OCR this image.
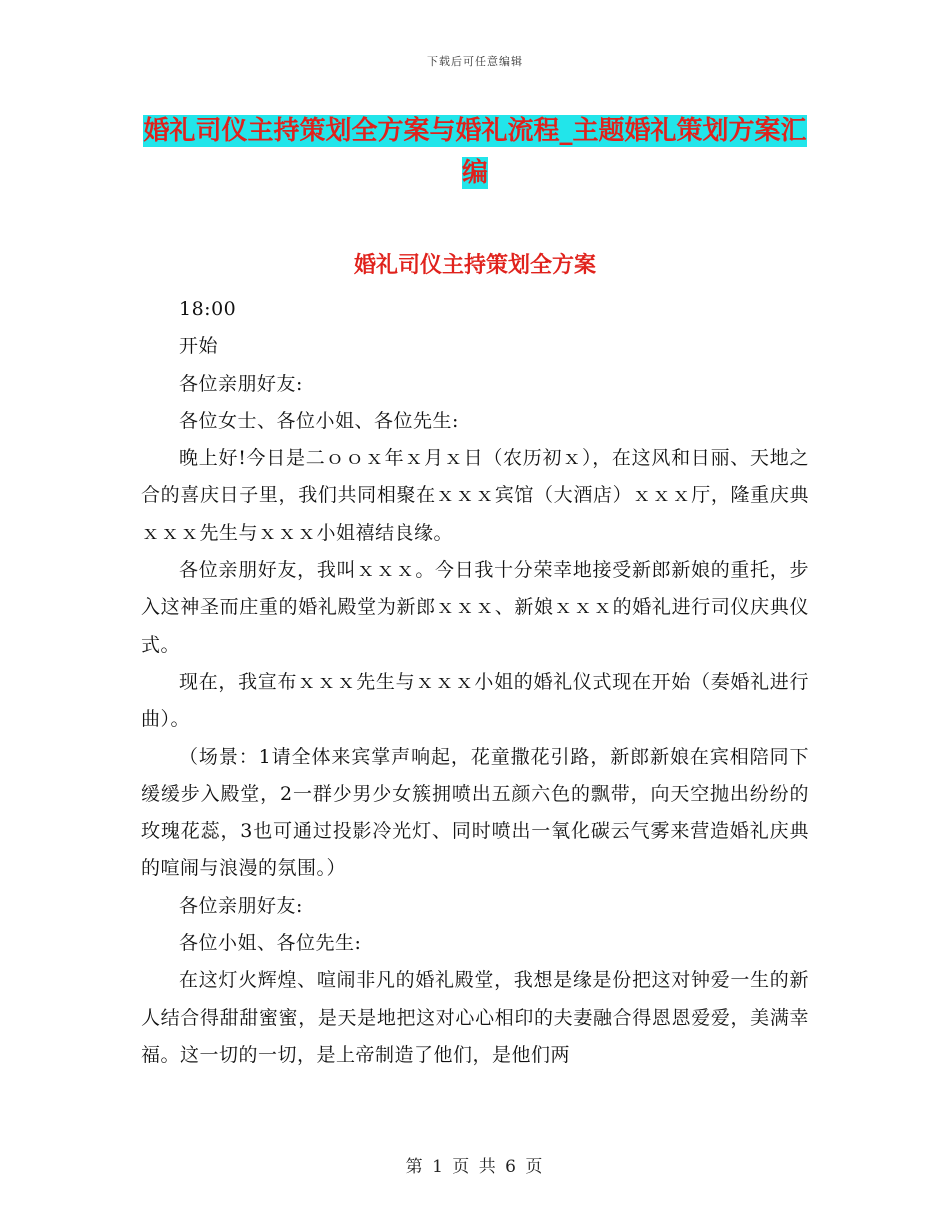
下载后可任意编辑
婚礼司仪主持策划全方案与婚礼流程_主题婚礼策划方案汇编
婚礼司仪主持策划全方案

18:00

开始

各位亲朋好友:

各位女士、各位小姐、各位先生:

晚上好!今日是二ｏｏｘ年ｘ月ｘ日（农历初ｘ），在这风和日丽、天地之合的喜庆日子里，我们共同相聚在ｘｘｘ宾馆（大酒店）ｘｘｘ厅，隆重庆典ｘｘｘ先生与ｘｘｘ小姐禧结良缘。

各位亲朋好友，我叫ｘｘｘ。今日我十分荣幸地接受新郎新娘的重托，步入这神圣而庄重的婚礼殿堂为新郎ｘｘｘ、新娘ｘｘｘ的婚礼进行司仪庆典仪式。

现在，我宣布ｘｘｘ先生与ｘｘｘ小姐的婚礼仪式现在开始（奏婚礼进行曲）。

（场景：1请全体来宾掌声响起，花童撒花引路，新郎新娘在宾相陪同下缓缓步入殿堂，2一群少男少女簇拥喷出五颜六色的飘带，向天空抛出纷纷的玫瑰花蕊，3也可通过投影冷光灯、同时喷出一氧化碳云气雾来营造婚礼庆典的喧闹与浪漫的氛围。）

各位亲朋好友:

各位小姐、各位先生:

在这灯火辉煌、喧闹非凡的婚礼殿堂，我想是缘是份把这对钟爱一生的新人结合得甜甜蜜蜜，是天是地把这对心心相印的夫妻融合得恩恩爱爱，美满幸福。这一切的一切，是上帝制造了他们，是他们两

第 1 页 共 6 页
